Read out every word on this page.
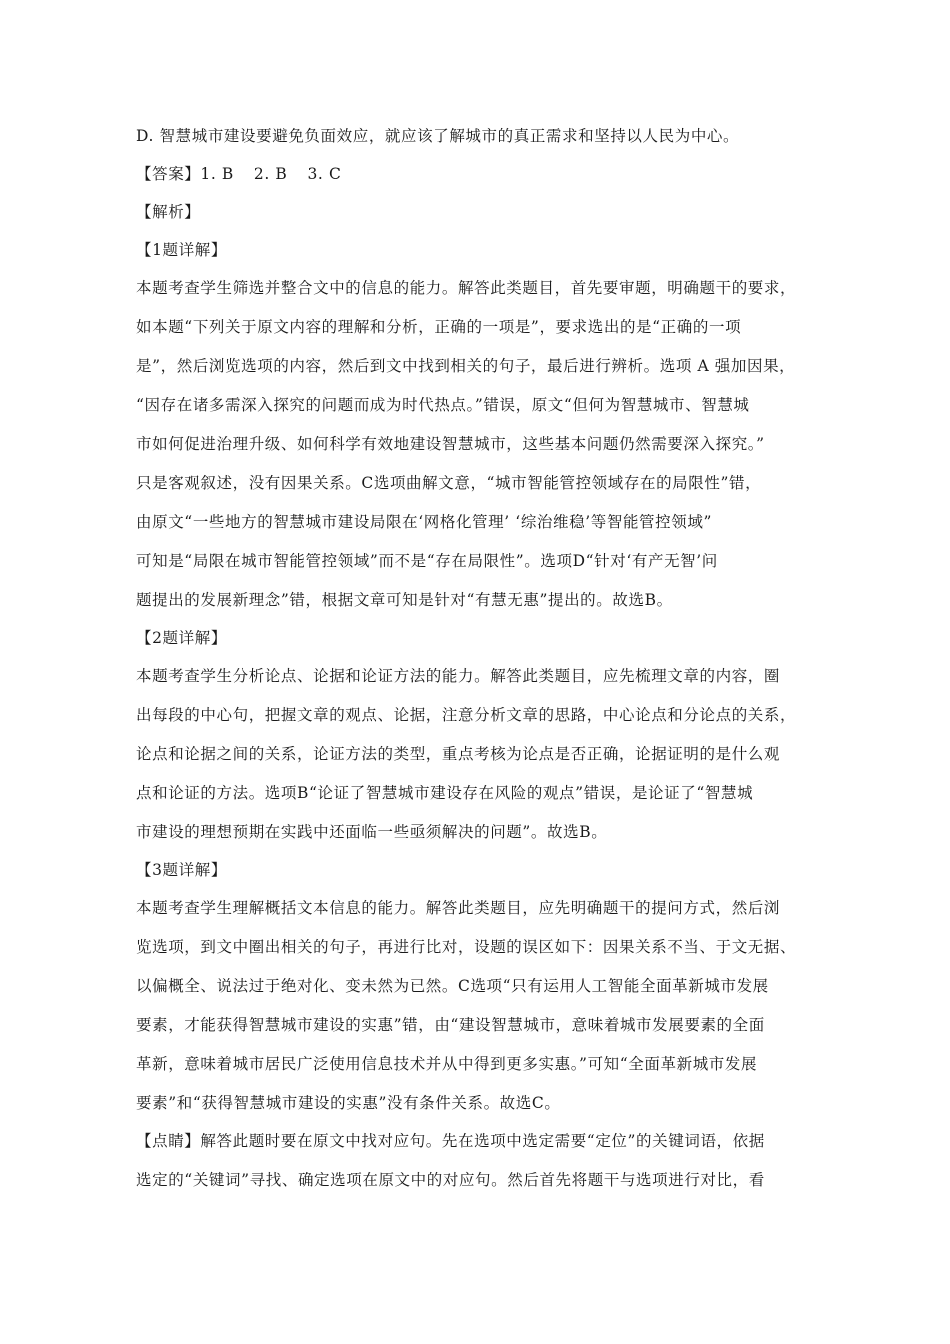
D. 智慧城市建设要避免负面效应，就应该了解城市的真正需求和坚持以人民为中心。
【答案】1. B 2. B 3. C
【解析】
【1题详解】
本题考查学生筛选并整合文中的信息的能力。解答此类题目，首先要审题，明确题干的要求，
如本题“下列关于原文内容的理解和分析，正确的一项是”，要求选出的是“正确的一项
是”，然后浏览选项的内容，然后到文中找到相关的句子，最后进行辨析。选项 A 强加因果，
“因存在诸多需深入探究的问题而成为时代热点。”错误，原文“但何为智慧城市、智慧城
市如何促进治理升级、如何科学有效地建设智慧城市，这些基本问题仍然需要深入探究。”
只是客观叙述，没有因果关系。C选项曲解文意，“城市智能管控领域存在的局限性”错，
由原文“一些地方的智慧城市建设局限在‘网格化管理’ ‘综治维稳’等智能管控领域”
可知是“局限在城市智能管控领域”而不是“存在局限性”。选项D“针对‘有产无智’问
题提出的发展新理念”错，根据文章可知是针对“有慧无惠”提出的。故选B。
【2题详解】
本题考查学生分析论点、论据和论证方法的能力。解答此类题目，应先梳理文章的内容，圈
出每段的中心句，把握文章的观点、论据，注意分析文章的思路，中心论点和分论点的关系，
论点和论据之间的关系，论证方法的类型，重点考核为论点是否正确，论据证明的是什么观
点和论证的方法。选项B“论证了智慧城市建设存在风险的观点”错误，是论证了“智慧城
市建设的理想预期在实践中还面临一些亟须解决的问题”。故选B。
【3题详解】
本题考查学生理解概括文本信息的能力。解答此类题目，应先明确题干的提问方式，然后浏
览选项，到文中圈出相关的句子，再进行比对，设题的误区如下：因果关系不当、于文无据、
以偏概全、说法过于绝对化、变未然为已然。C选项“只有运用人工智能全面革新城市发展
要素，才能获得智慧城市建设的实惠”错，由“建设智慧城市，意味着城市发展要素的全面
革新，意味着城市居民广泛使用信息技术并从中得到更多实惠。”可知“全面革新城市发展
要素”和“获得智慧城市建设的实惠”没有条件关系。故选C。
【点睛】解答此题时要在原文中找对应句。先在选项中选定需要“定位”的关键词语，依据
选定的“关键词”寻找、确定选项在原文中的对应句。然后首先将题干与选项进行对比，看
